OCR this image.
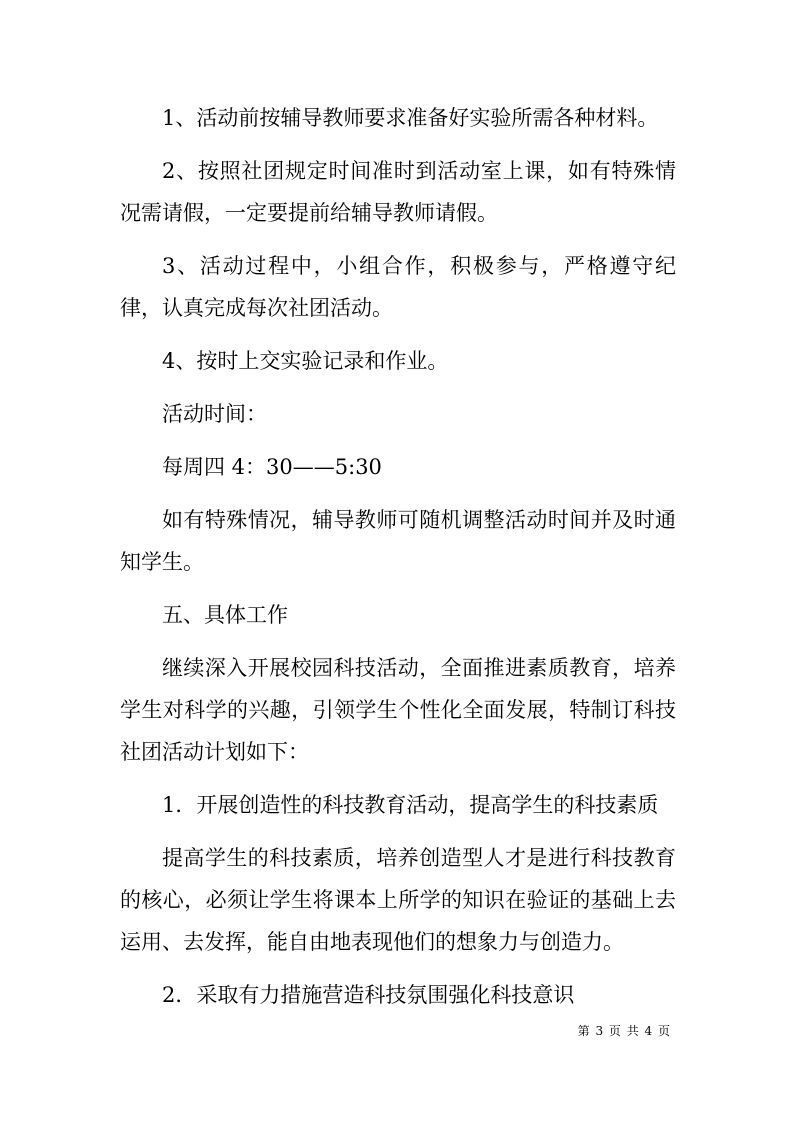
1、活动前按辅导教师要求准备好实验所需各种材料。

2、按照社团规定时间准时到活动室上课，如有特殊情况需请假，一定要提前给辅导教师请假。

3、活动过程中，小组合作，积极参与，严格遵守纪律，认真完成每次社团活动。

4、按时上交实验记录和作业。

活动时间：

每周四 4：30——5:30

如有特殊情况，辅导教师可随机调整活动时间并及时通知学生。

五、具体工作

继续深入开展校园科技活动，全面推进素质教育，培养学生对科学的兴趣，引领学生个性化全面发展，特制订科技社团活动计划如下：

1．开展创造性的科技教育活动，提高学生的科技素质

提高学生的科技素质，培养创造型人才是进行科技教育的核心，必须让学生将课本上所学的知识在验证的基础上去运用、去发挥，能自由地表现他们的想象力与创造力。

2．采取有力措施营造科技氛围强化科技意识

第 3 页 共 4 页
